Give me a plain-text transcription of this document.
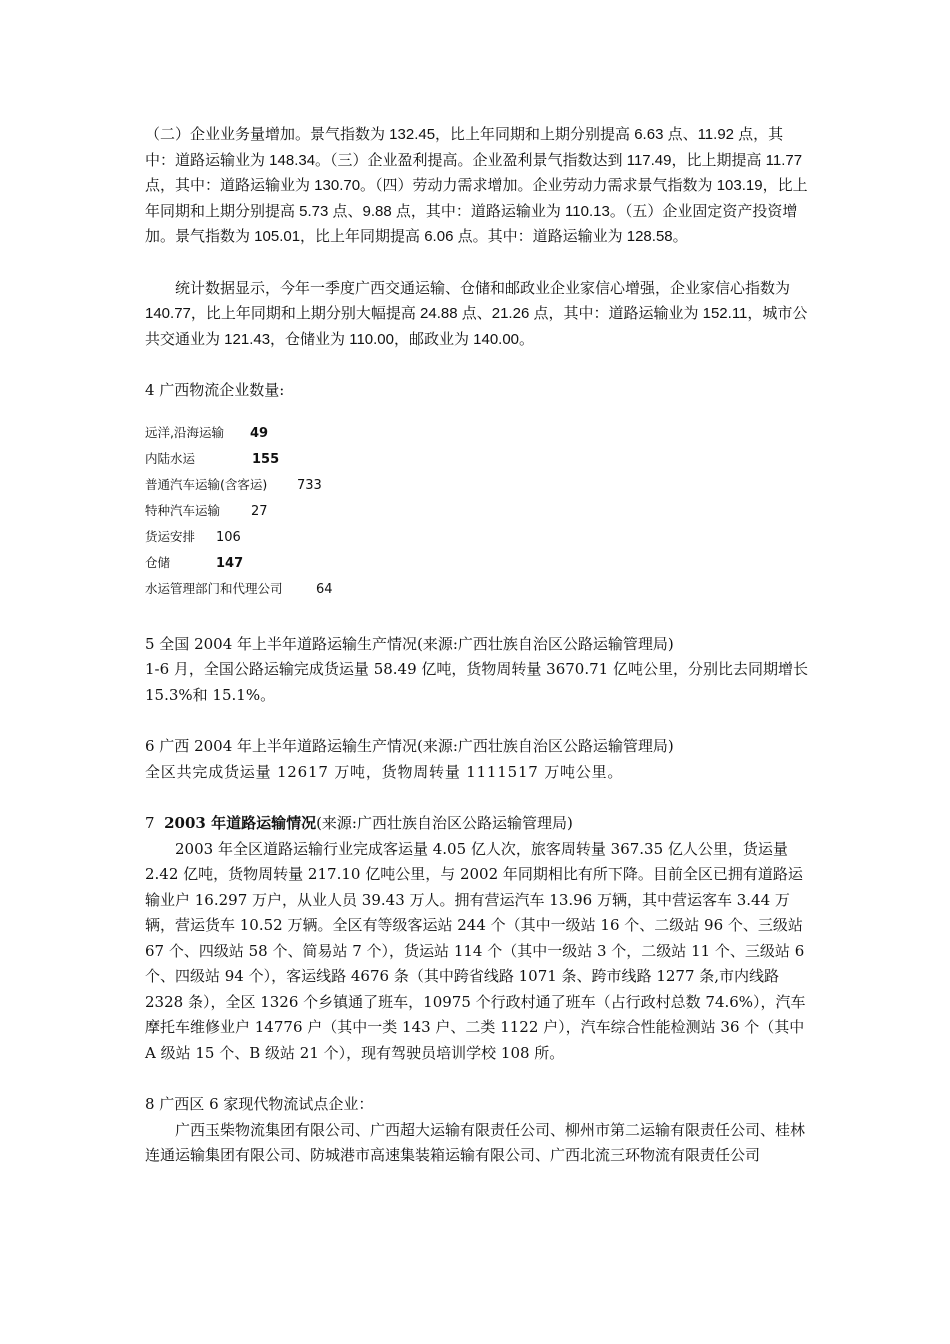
（二）企业业务量增加。景气指数为 132.45，比上年同期和上期分别提高 6.63 点、11.92 点，其中：道路运输业为 148.34。（三）企业盈利提高。企业盈利景气指数达到 117.49，比上期提高 11.77 点，其中：道路运输业为 130.70。（四）劳动力需求增加。企业劳动力需求景气指数为 103.19，比上年同期和上期分别提高 5.73 点、9.88 点，其中：道路运输业为 110.13。（五）企业固定资产投资增加。景气指数为 105.01，比上年同期提高 6.06 点。其中：道路运输业为 128.58。

统计数据显示，今年一季度广西交通运输、仓储和邮政业企业家信心增强，企业家信心指数为 140.77，比上年同期和上期分别大幅提高 24.88 点、21.26 点，其中：道路运输业为 152.11，城市公共交通业为 121.43，仓储业为 110.00，邮政业为 140.00。

4 广西物流企业数量:

远洋,沿海运输	49
内陆水运	155
普通汽车运输(含客运)	733
特种汽车运输	27
货运安排	106
仓储	147
水运管理部门和代理公司	64

5 全国 2004 年上半年道路运输生产情况(来源:广西壮族自治区公路运输管理局)

1-6 月，全国公路运输完成货运量 58.49 亿吨，货物周转量 3670.71 亿吨公里，分别比去同期增长 15.3%和 15.1%。

6 广西 2004 年上半年道路运输生产情况(来源:广西壮族自治区公路运输管理局)

全区共完成货运量 12617 万吨，货物周转量 1111517 万吨公里。

7 2003 年道路运输情况(来源:广西壮族自治区公路运输管理局)

2003 年全区道路运输行业完成客运量 4.05 亿人次，旅客周转量 367.35 亿人公里，货运量 2.42 亿吨，货物周转量 217.10 亿吨公里，与 2002 年同期相比有所下降。目前全区已拥有道路运输业户 16.297 万户，从业人员 39.43 万人。拥有营运汽车 13.96 万辆，其中营运客车 3.44 万辆，营运货车 10.52 万辆。全区有等级客运站 244 个（其中一级站 16 个、二级站 96 个、三级站 67 个、四级站 58 个、简易站 7 个），货运站 114 个（其中一级站 3 个，二级站 11 个、三级站 6 个、四级站 94 个），客运线路 4676 条（其中跨省线路 1071 条、跨市线路 1277 条,市内线路 2328 条），全区 1326 个乡镇通了班车，10975 个行政村通了班车（占行政村总数 74.6%），汽车摩托车维修业户 14776 户（其中一类 143 户、二类 1122 户），汽车综合性能检测站 36 个（其中 A 级站 15 个、B 级站 21 个），现有驾驶员培训学校 108 所。

8 广西区 6 家现代物流试点企业：

广西玉柴物流集团有限公司、广西超大运输有限责任公司、柳州市第二运输有限责任公司、桂林连通运输集团有限公司、防城港市高速集装箱运输有限公司、广西北流三环物流有限责任公司
